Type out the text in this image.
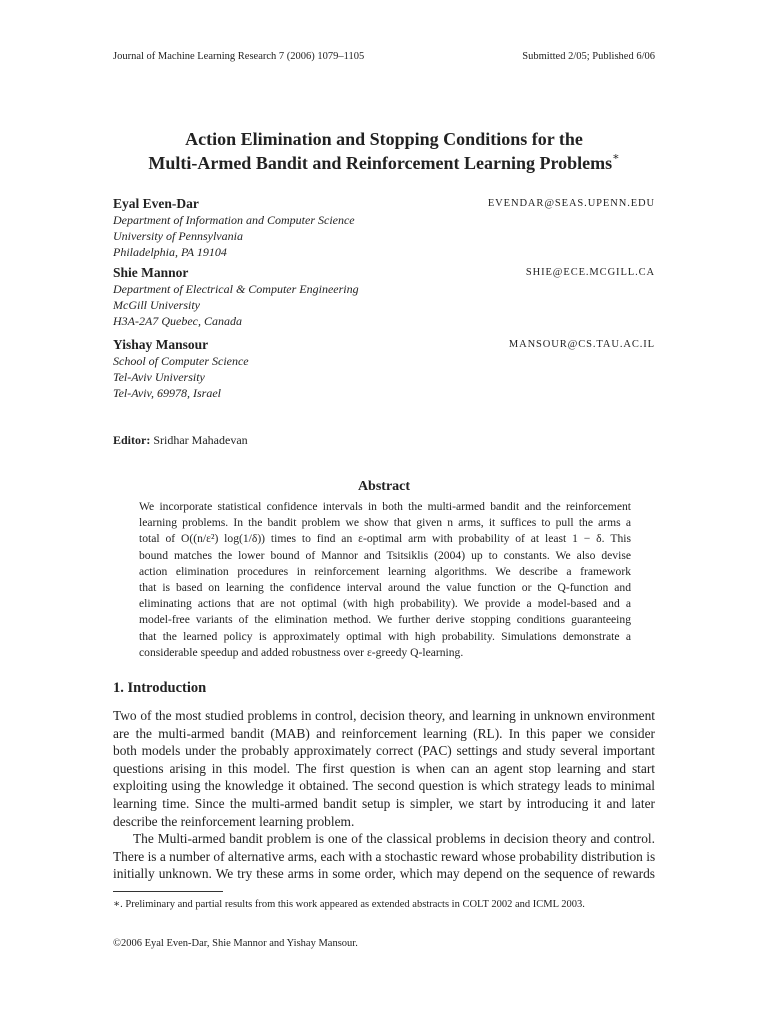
Journal of Machine Learning Research 7 (2006) 1079–1105	Submitted 2/05; Published 6/06
Action Elimination and Stopping Conditions for the
Multi-Armed Bandit and Reinforcement Learning Problems∗
Eyal Even-Dar	EVENDAR@SEAS.UPENN.EDU
Department of Information and Computer Science
University of Pennsylvania
Philadelphia, PA 19104
Shie Mannor	SHIE@ECE.MCGILL.CA
Department of Electrical & Computer Engineering
McGill University
H3A-2A7 Quebec, Canada
Yishay Mansour	MANSOUR@CS.TAU.AC.IL
School of Computer Science
Tel-Aviv University
Tel-Aviv, 69978, Israel
Editor: Sridhar Mahadevan
Abstract
We incorporate statistical confidence intervals in both the multi-armed bandit and the reinforcement
learning problems. In the bandit problem we show that given n arms, it suffices to pull the arms a
total of O((n/ε²) log(1/δ)) times to find an ε-optimal arm with probability of at least 1 − δ. This
bound matches the lower bound of Mannor and Tsitsiklis (2004) up to constants. We also devise
action elimination procedures in reinforcement learning algorithms. We describe a framework
that is based on learning the confidence interval around the value function or the Q-function and
eliminating actions that are not optimal (with high probability). We provide a model-based and a
model-free variants of the elimination method. We further derive stopping conditions guaranteeing
that the learned policy is approximately optimal with high probability. Simulations demonstrate a
considerable speedup and added robustness over ε-greedy Q-learning.
1. Introduction
Two of the most studied problems in control, decision theory, and learning in unknown environment
are the multi-armed bandit (MAB) and reinforcement learning (RL). In this paper we consider
both models under the probably approximately correct (PAC) settings and study several important
questions arising in this model. The first question is when can an agent stop learning and start
exploiting using the knowledge it obtained. The second question is which strategy leads to minimal
learning time. Since the multi-armed bandit setup is simpler, we start by introducing it and later
describe the reinforcement learning problem.
The Multi-armed bandit problem is one of the classical problems in decision theory and control.
There is a number of alternative arms, each with a stochastic reward whose probability distribution is
initially unknown. We try these arms in some order, which may depend on the sequence of rewards
∗. Preliminary and partial results from this work appeared as extended abstracts in COLT 2002 and ICML 2003.
©2006 Eyal Even-Dar, Shie Mannor and Yishay Mansour.
